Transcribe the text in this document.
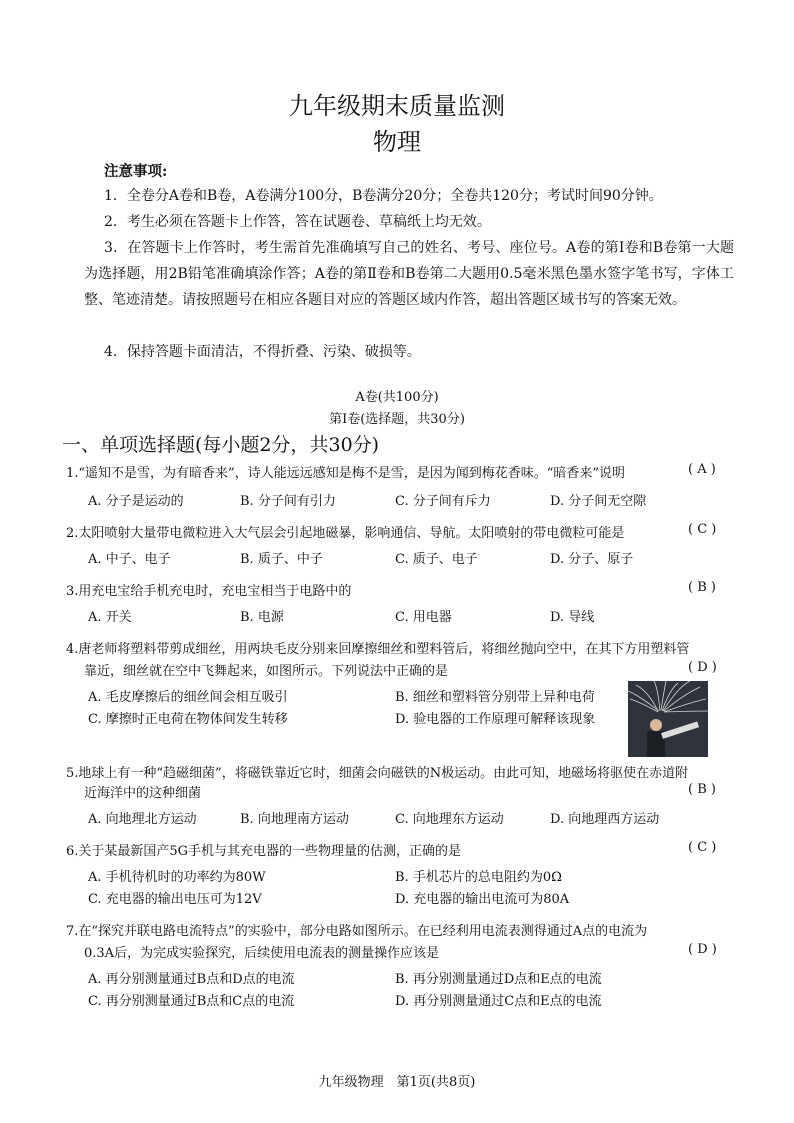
九年级期末质量监测
物理
注意事项:
1．全卷分A卷和B卷，A卷满分100分，B卷满分20分；全卷共120分；考试时间90分钟。
2．考生必须在答题卡上作答，答在试题卷、草稿纸上均无效。
3．在答题卡上作答时，考生需首先准确填写自己的姓名、考号、座位号。A卷的第Ⅰ卷和B卷第一大题为选择题，用2B铅笔准确填涂作答；A卷的第Ⅱ卷和B卷第二大题用0.5毫米黑色墨水签字笔书写，字体工整、笔迹清楚。请按照题号在相应各题目对应的答题区域内作答，超出答题区域书写的答案无效。
4．保持答题卡面清洁，不得折叠、污染、破损等。
A卷(共100分)
第Ⅰ卷(选择题，共30分)
一、单项选择题(每小题2分，共30分)
1.“遥知不是雪，为有暗香来”，诗人能远远感知是梅不是雪，是因为闻到梅花香味。“暗香来”说明	( A )
A. 分子是运动的	B. 分子间有引力	C. 分子间有斥力	D. 分子间无空隙
2.太阳喷射大量带电微粒进入大气层会引起地磁暴，影响通信、导航。太阳喷射的带电微粒可能是	( C )
A. 中子、电子	B. 质子、中子	C. 质子、电子	D. 分子、原子
3.用充电宝给手机充电时，充电宝相当于电路中的	( B )
A. 开关	B. 电源	C. 用电器	D. 导线
4.唐老师将塑料带剪成细丝，用两块毛皮分别来回摩擦细丝和塑料管后，将细丝抛向空中，在其下方用塑料管
靠近，细丝就在空中飞舞起来，如图所示。下列说法中正确的是	( D )
A. 毛皮摩擦后的细丝间会相互吸引	B. 细丝和塑料管分别带上异种电荷
C. 摩擦时正电荷在物体间发生转移	D. 验电器的工作原理可解释该现象
5.地球上有一种“趋磁细菌”，将磁铁靠近它时，细菌会向磁铁的N极运动。由此可知，地磁场将驱使在赤道附
近海洋中的这种细菌	( B )
A. 向地理北方运动	B. 向地理南方运动	C. 向地理东方运动	D. 向地理西方运动
6.关于某最新国产5G手机与其充电器的一些物理量的估测，正确的是	( C )
A. 手机待机时的功率约为80W	B. 手机芯片的总电阻约为0Ω
C. 充电器的输出电压可为12V	D. 充电器的输出电流可为80A
7.在“探究并联电路电流特点”的实验中，部分电路如图所示。在已经利用电流表测得通过A点的电流为
0.3A后，为完成实验探究，后续使用电流表的测量操作应该是	( D )
A. 再分别测量通过B点和D点的电流	B. 再分别测量通过D点和E点的电流
C. 再分别测量通过B点和C点的电流	D. 再分别测量通过C点和E点的电流
九年级物理　第1页(共8页)
